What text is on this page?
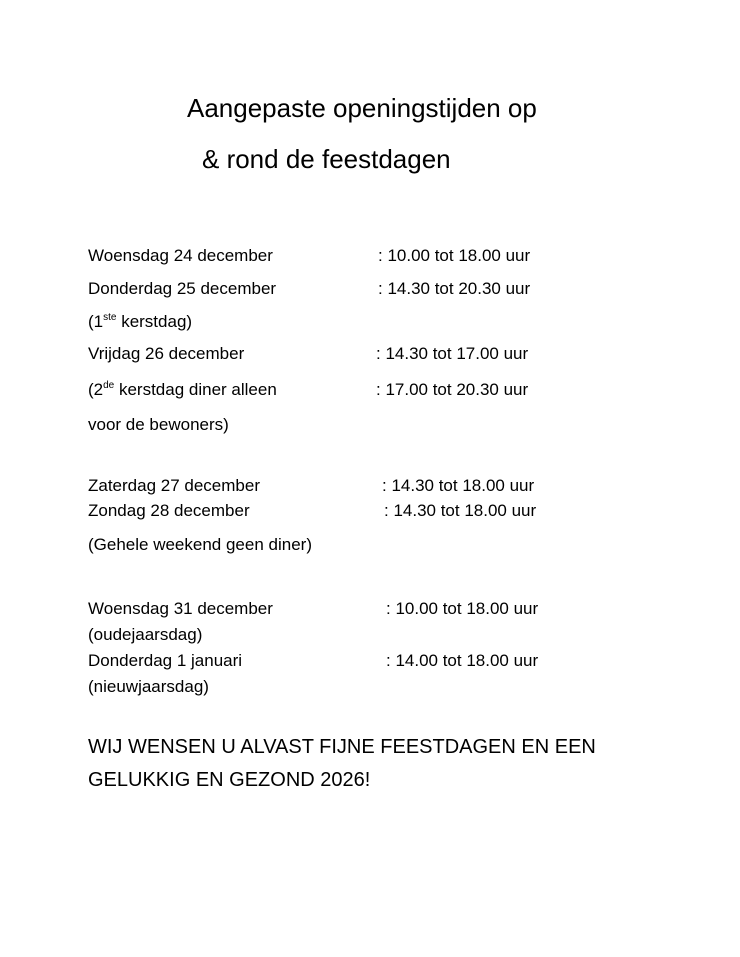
Aangepaste openingstijden op
& rond de feestdagen
Woensdag 24 december	: 10.00 tot 18.00 uur
Donderdag 25 december	: 14.30 tot 20.30 uur
(1ste kerstdag)
Vrijdag 26 december	: 14.30 tot 17.00 uur
(2de kerstdag diner alleen	: 17.00 tot 20.30 uur
voor de bewoners)
Zaterdag 27 december	: 14.30 tot 18.00 uur
Zondag 28 december	: 14.30 tot 18.00 uur
(Gehele weekend geen diner)
Woensdag 31 december	: 10.00 tot 18.00 uur
(oudejaarsdag)
Donderdag 1 januari	: 14.00 tot 18.00 uur
(nieuwjaarsdag)
WIJ WENSEN U ALVAST FIJNE FEESTDAGEN EN EEN
GELUKKIG EN GEZOND 2026!
